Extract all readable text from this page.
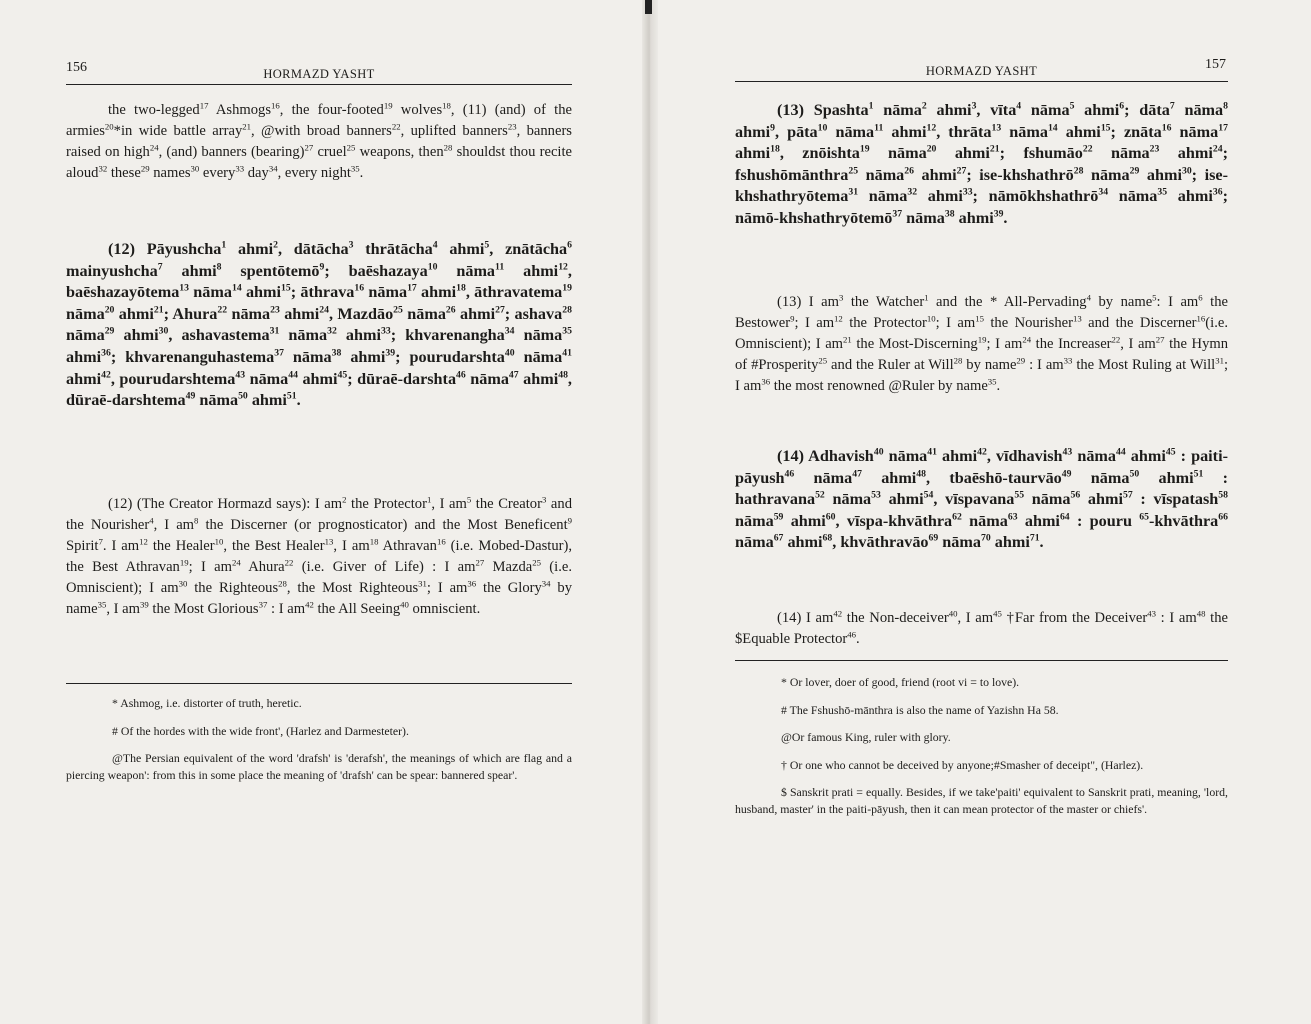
156	HORMAZD YASHT

the two-legged$^{17}$ Ashmogs$^{16}$, the four-footed$^{19}$ wolves$^{18}$, (11) (and) of the armies$^{20}$*in wide battle array$^{21}$, @with broad banners$^{22}$, uplifted banners$^{23}$, banners raised on high$^{24}$, (and) banners (bearing)$^{27}$ cruel$^{25}$ weapons, then$^{28}$ shouldst thou recite aloud$^{32}$ these$^{29}$ names$^{30}$ every$^{33}$ day$^{34}$, every night$^{35}$.

(12) Pāyushcha$^1$ ahmi$^2$, dātācha$^3$ thrātācha$^4$ ahmi$^5$, znātācha$^6$ mainyushcha$^7$ ahmi$^8$ spentōtemō$^9$; baēshazaya$^{10}$ nāma$^{11}$ ahmi$^{12}$, baēshazayōtema$^{13}$ nāma$^{14}$ ahmi$^{15}$; āthrava$^{16}$ nāma$^{17}$ ahmi$^{18}$, āthravatema$^{19}$ nāma$^{20}$ ahmi$^{21}$; Ahura$^{22}$ nāma$^{23}$ ahmi$^{24}$, Mazdāo$^{25}$ nāma$^{26}$ ahmi$^{27}$; ashava$^{28}$ nāma$^{29}$ ahmi$^{30}$, ashavastema$^{31}$ nāma$^{32}$ ahmi$^{33}$; khvarenangha$^{34}$ nāma$^{35}$ ahmi$^{36}$; khvarenanguhastema$^{37}$ nāma$^{38}$ ahmi$^{39}$; pourudarshta$^{40}$ nāma$^{41}$ ahmi$^{42}$, pourudarshtema$^{43}$ nāma$^{44}$ ahmi$^{45}$; dūraē-darshta$^{46}$ nāma$^{47}$ ahmi$^{48}$, dūraē-darshtema$^{49}$ nāma$^{50}$ ahmi$^{51}$.

(12) (The Creator Hormazd says): I $am^2$ the Protector$^1$, I $am^5$ the Creator$^3$ and the Nourisher$^4$, I $am^8$ the Discerner (or prognosticator) and the Most Beneficent$^9$ Spirit$^7$. I $am^{12}$ the Healer$^{10}$, the Best Healer$^{13}$, I $am^{18}$ Athravan$^{16}$ (i.e. Mobed-Dastur), the Best Athravan$^{19}$; I $am^{24}$ Ahura$^{22}$ (i.e. Giver of Life) : I $am^{27}$ Mazda$^{25}$ (i.e. Omniscient); I $am^{30}$ the Righteous$^{28}$, the Most Righteous$^{31}$; I $am^{36}$ the Glory$^{34}$ by name$^{35}$, I $am^{39}$ the Most Glorious$^{37}$ : I $am^{42}$ the All Seeing$^{40}$ omniscient.

* Ashmog, i.e. distorter of truth, heretic.

# Of the hordes with the wide front', (Harlez and Darmesteter).

@The Persian equivalent of the word 'drafsh' is 'derafsh', the meanings of which are flag and a piercing weapon': from this in some place the meaning of 'drafsh' can be spear: bannered spear'.

157
HORMAZD YASHT

(13) Spashta$^1$ nāma$^2$ ahmi$^3$, vīta$^4$ nāma$^5$ ahmi$^6$; dāta$^7$ nāma$^8$ ahmi$^9$, pāta$^{10}$ nāma$^{11}$ ahmi$^{12}$, thrāta$^{13}$ nāma$^{14}$ ahmi$^{15}$; znāta$^{16}$ nāma$^{17}$ ahmi$^{18}$, znōishta$^{19}$ nāma$^{20}$ ahmi$^{21}$; fshumāo$^{22}$ nāma$^{23}$ ahmi$^{24}$; fshushōmānthra$^{25}$ nāma$^{26}$ ahmi$^{27}$; ise-khshathrō$^{28}$ nāma$^{29}$ ahmi$^{30}$; ise-khshathryōtema$^{31}$ nāma$^{32}$ ahmi$^{33}$; nāmōkhshathrō$^{34}$ nāma$^{35}$ ahmi$^{36}$; nāmō-khshathryōtemō$^{37}$ nāma$^{38}$ ahmi$^{39}$.

(13) I $am^3$ the Watcher$^1$ and the * All-Pervading$^4$ by name$^5$: I $am^6$ the Bestower$^9$; I $am^{12}$ the Protector$^{10}$; I $am^{15}$ the Nourisher$^{13}$ and the Discerner$^{16}$(i.e. Omniscient); I $am^{21}$ the Most-Discerning$^{19}$; I $am^{24}$ the Increaser$^{22}$, I $am^{27}$ the Hymn of #Prosperity$^{25}$ and the Ruler at Will$^{28}$ by name$^{29}$ : I $am^{33}$ the Most Ruling at Will$^{31}$; I $am^{36}$ the most renowned @Ruler by name$^{35}$.

(14) Adhavish$^{40}$ nāma$^{41}$ ahmi$^{42}$, vīdhavish$^{43}$ nāma$^{44}$ ahmi$^{45}$ : paiti-pāyush$^{46}$ nāma$^{47}$ ahmi$^{48}$, tbaēshō-taurvāo$^{49}$ nāma$^{50}$ ahmi$^{51}$ : hathravana$^{52}$ nāma$^{53}$ ahmi$^{54}$, vīspavana$^{55}$ nāma$^{56}$ ahmi$^{57}$ : vīspatash$^{58}$ nāma$^{59}$ ahmi$^{60}$, vīspa-khvāthra$^{62}$ nāma$^{63}$ ahmi$^{64}$ : pouru $^{65}$-khvāthra$^{66}$ nāma$^{67}$ ahmi$^{68}$, khvāthravāo$^{69}$ nāma$^{70}$ ahmi$^{71}$.

(14) I $am^{42}$ the Non-deceiver$^{40}$, I $am^{45}$ †Far from the Deceiver$^{43}$ : I $am^{48}$ the $Equable Protector$^{46}$.

* Or lover, doer of good, friend (root vi = to love).

# The Fshushō-mānthra is also the name of Yazishn Ha 58.

@Or famous King, ruler with glory.

† Or one who cannot be deceived by anyone;#Smasher of deceipt", (Harlez).

$ Sanskrit prati = equally. Besides, if we take'paiti' equivalent to Sanskrit prati, meaning, 'lord, husband, master' in the paiti-pāyush, then it can mean protector of the master or chiefs'.
